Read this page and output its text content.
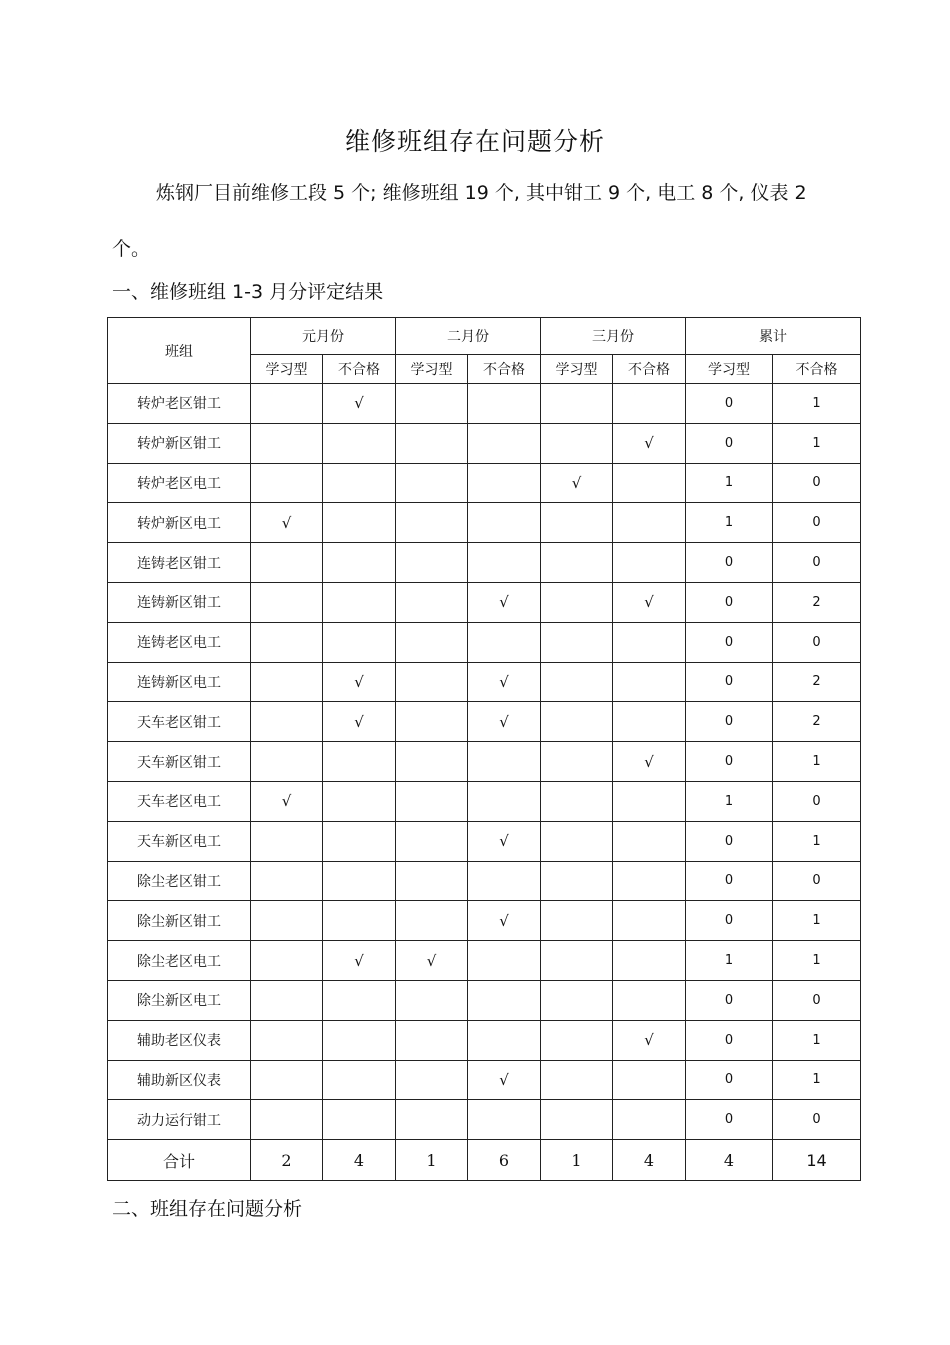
维修班组存在问题分析
炼钢厂目前维修工段 5 个; 维修班组 19 个, 其中钳工 9 个, 电工 8 个, 仪表 2 个。
一、维修班组 1-3 月分评定结果
班组	元月份		二月份		三月份		累计	
	学习型	不合格	学习型	不合格	学习型	不合格	学习型	不合格
转炉老区钳工		√					0	1
转炉新区钳工						√	0	1
转炉老区电工					√		1	0
转炉新区电工	√						1	0
连铸老区钳工							0	0
连铸新区钳工				√		√	0	2
连铸老区电工							0	0
连铸新区电工		√		√			0	2
天车老区钳工		√		√			0	2
天车新区钳工						√	0	1
天车老区电工	√						1	0
天车新区电工				√			0	1
除尘老区钳工							0	0
除尘新区钳工				√			0	1
除尘老区电工		√	√				1	1
除尘新区电工							0	0
辅助老区仪表						√	0	1
辅助新区仪表				√			0	1
动力运行钳工							0	0
合计	2	4	1	6	1	4	4	14
二、班组存在问题分析
